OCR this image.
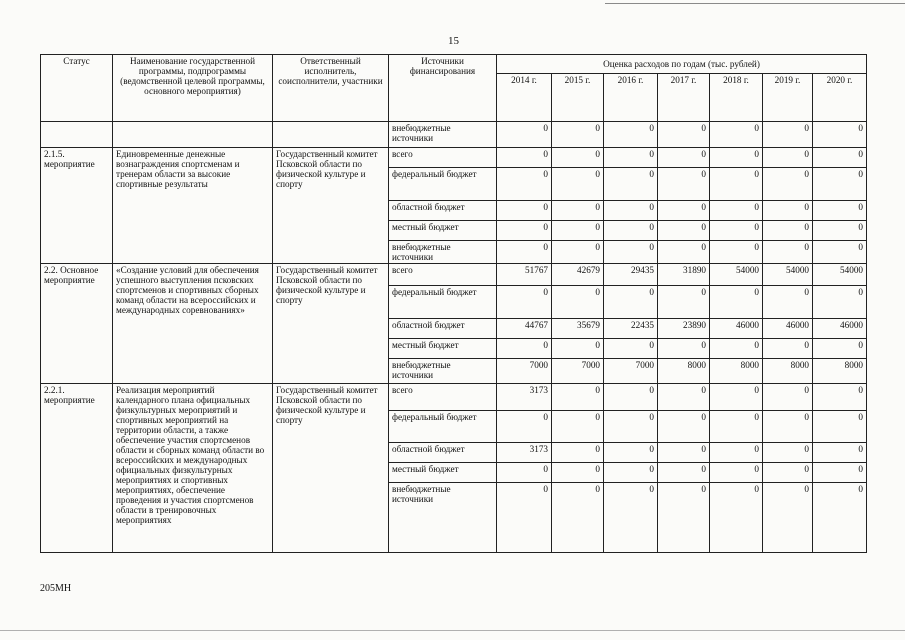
15
Статус	Наименование государственной программы, подпрограммы (ведомственной целевой программы, основного мероприятия)	Ответственный исполнитель, соисполнители, участники	Источники финансирования	Оценка расходов по годам (тыс. рублей)						
				2014 г.	2015 г.	2016 г.	2017 г.	2018 г.	2019 г.	2020 г.
			внебюджетные источники	0	0	0	0	0	0	0
2.1.5. мероприятие	Единовременные денежные вознаграждения спортсменам и тренерам области за высокие спортивные результаты	Государственный комитет Псковской области по физической культуре и спорту	всего	0	0	0	0	0	0	0
			федеральный бюджет	0	0	0	0	0	0	0
			областной бюджет	0	0	0	0	0	0	0
			местный бюджет	0	0	0	0	0	0	0
			внебюджетные источники	0	0	0	0	0	0	0
2.2. Основное мероприятие	«Создание условий для обеспечения успешного выступления псковских спортсменов и спортивных сборных команд области на всероссийских и международных соревнованиях»	Государственный комитет Псковской области по физической культуре и спорту	всего	51767	42679	29435	31890	54000	54000	54000
			федеральный бюджет	0	0	0	0	0	0	0
			областной бюджет	44767	35679	22435	23890	46000	46000	46000
			местный бюджет	0	0	0	0	0	0	0
			внебюджетные источники	7000	7000	7000	8000	8000	8000	8000
2.2.1. мероприятие	Реализация мероприятий календарного плана официальных физкультурных мероприятий и спортивных мероприятий на территории области, а также обеспечение участия спортсменов области и сборных команд области во всероссийских и международных официальных физкультурных мероприятиях и спортивных мероприятиях, обеспечение проведения и участия спортсменов области в тренировочных мероприятиях	Государственный комитет Псковской области по физической культуре и спорту	всего	3173	0	0	0	0	0	0
			федеральный бюджет	0	0	0	0	0	0	0
			областной бюджет	3173	0	0	0	0	0	0
			местный бюджет	0	0	0	0	0	0	0
			внебюджетные источники	0	0	0	0	0	0	0
205МН
